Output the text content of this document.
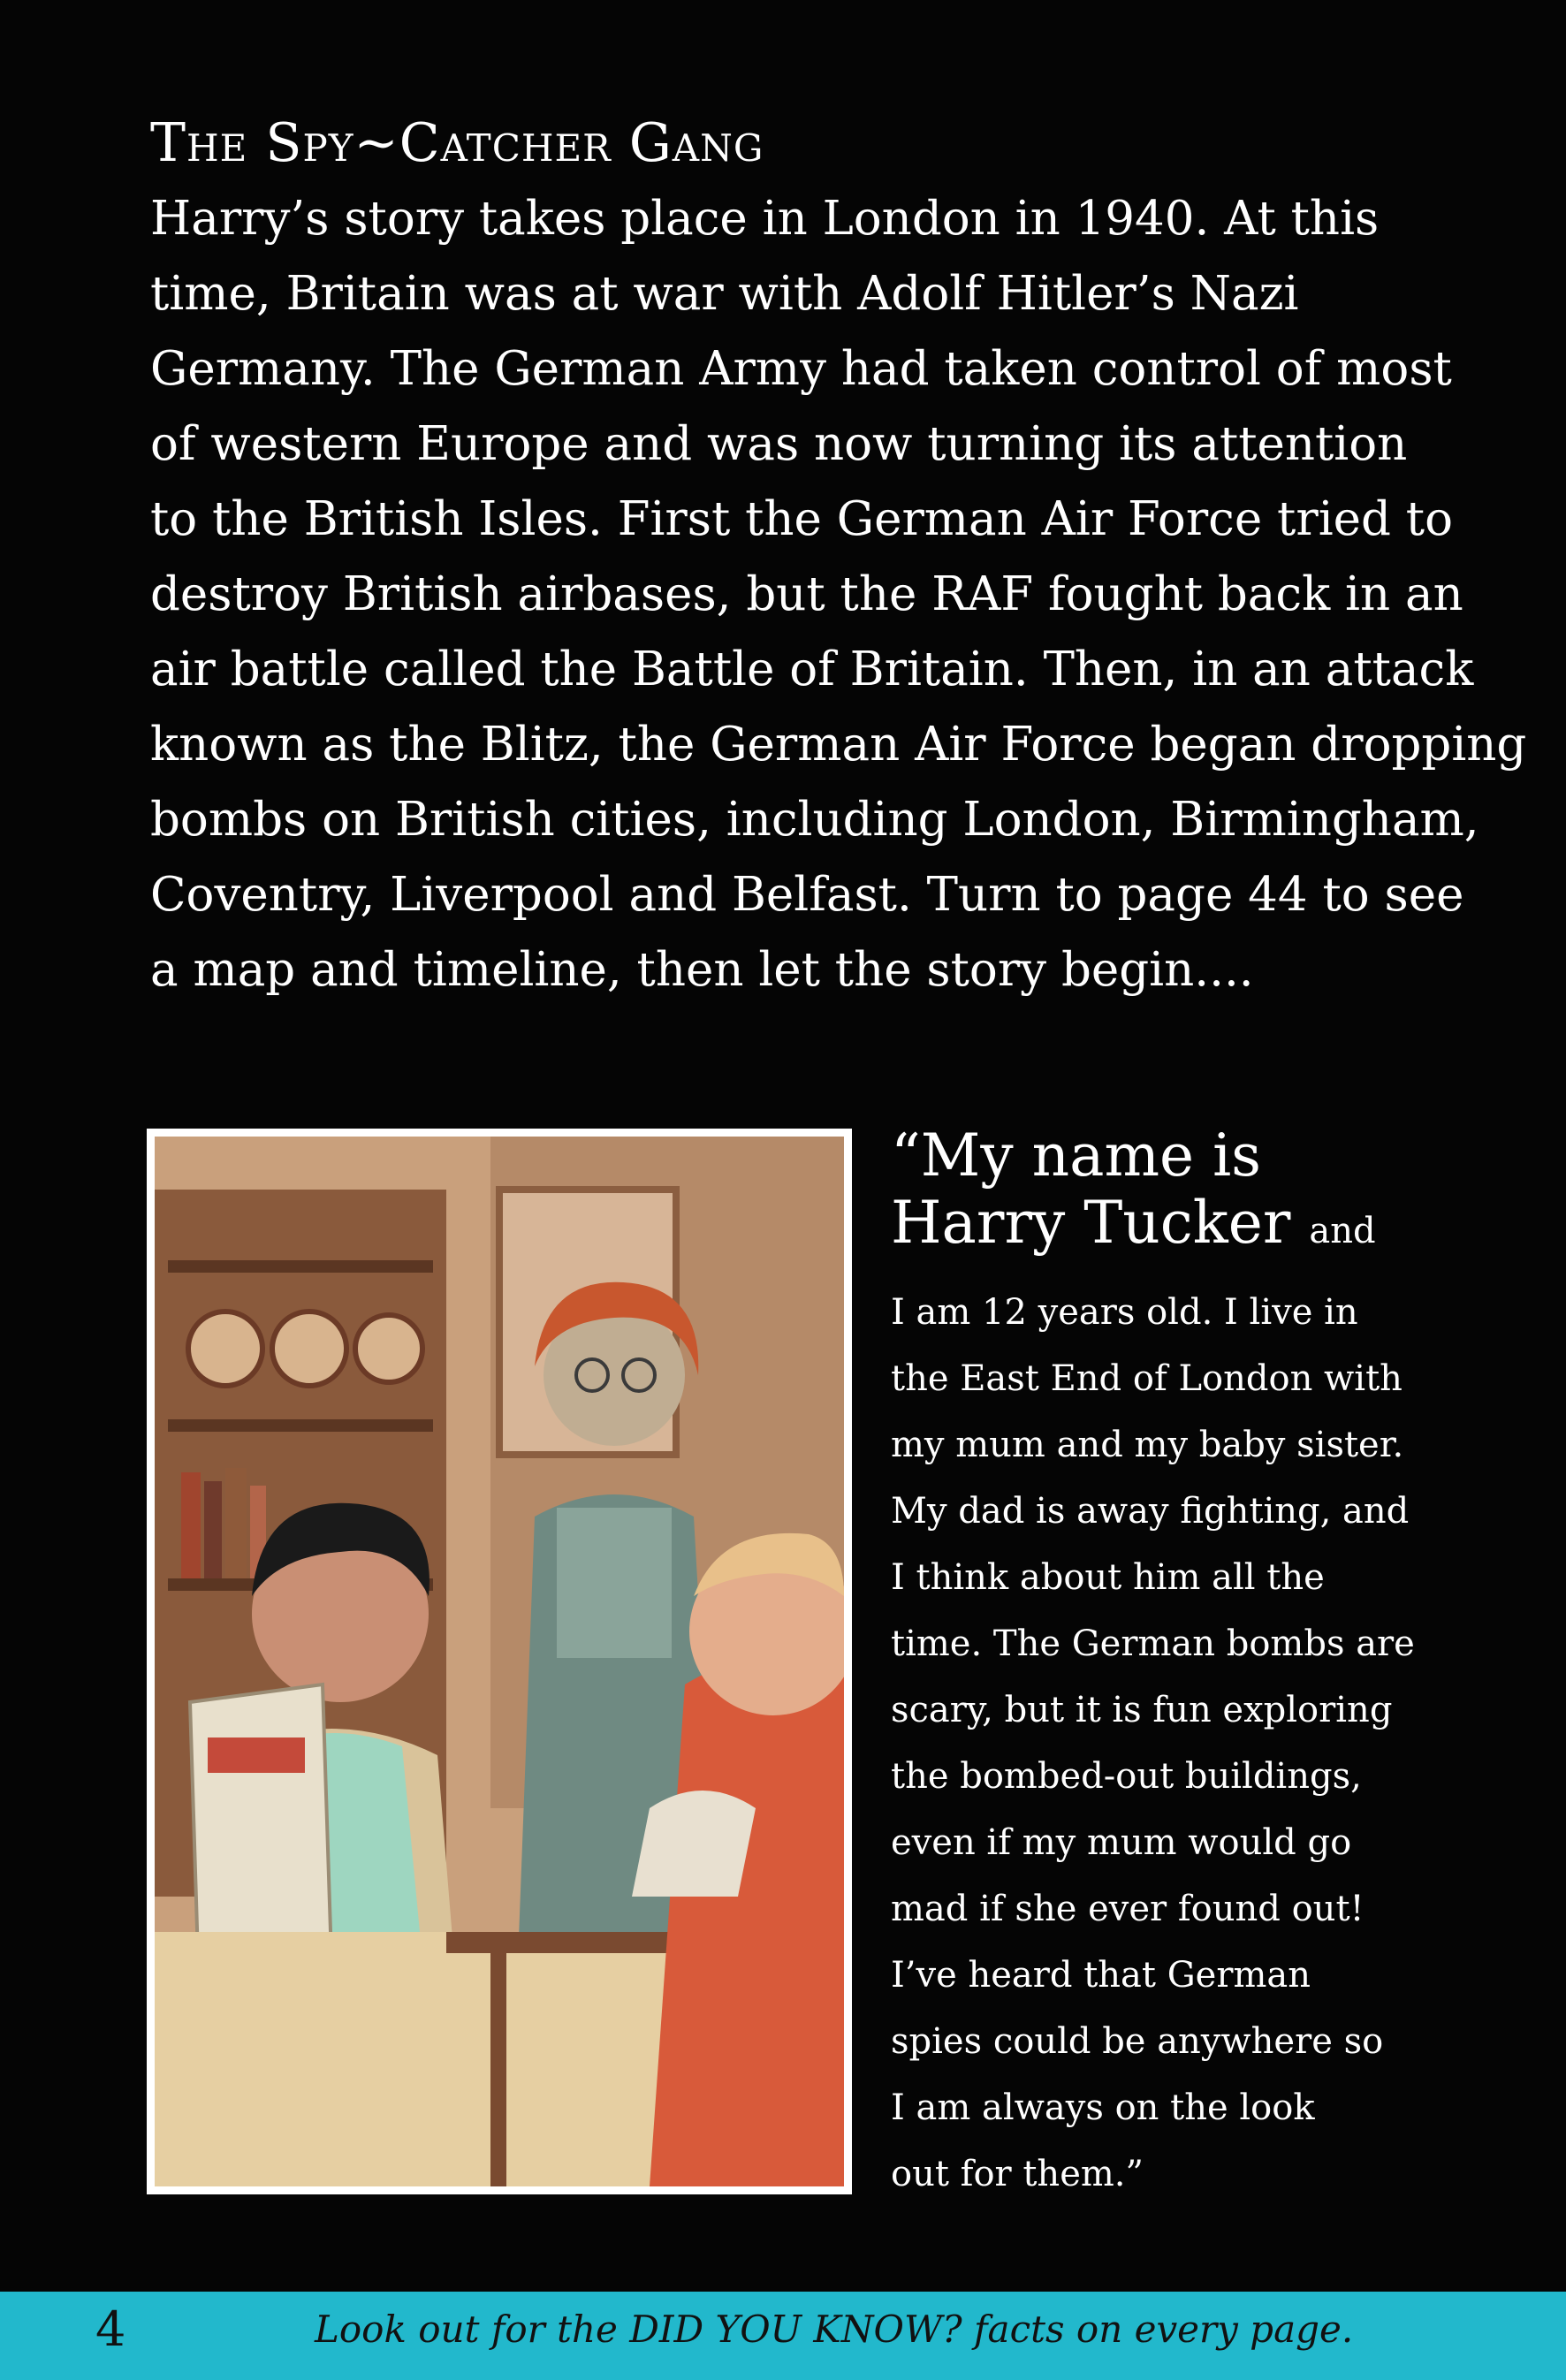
The Spy~Catcher Gang
Harry’s story takes place in London in 1940. At this
time, Britain was at war with Adolf Hitler’s Nazi
Germany. The German Army had taken control of most
of western Europe and was now turning its attention
to the British Isles. First the German Air Force tried to
destroy British airbases, but the RAF fought back in an
air battle called the Battle of Britain. Then, in an attack
known as the Blitz, the German Air Force began dropping
bombs on British cities, including London, Birmingham,
Coventry, Liverpool and Belfast. Turn to page 44 to see
a map and timeline, then let the story begin....
“My name is
Harry Tucker and
I am 12 years old. I live in
the East End of London with
my mum and my baby sister.
My dad is away fighting, and
I think about him all the
time. The German bombs are
scary, but it is fun exploring
the bombed-out buildings,
even if my mum would go
mad if she ever found out!
I’ve heard that German
spies could be anywhere so
I am always on the look
out for them.”
4	Look out for the DID YOU KNOW? facts on every page.
